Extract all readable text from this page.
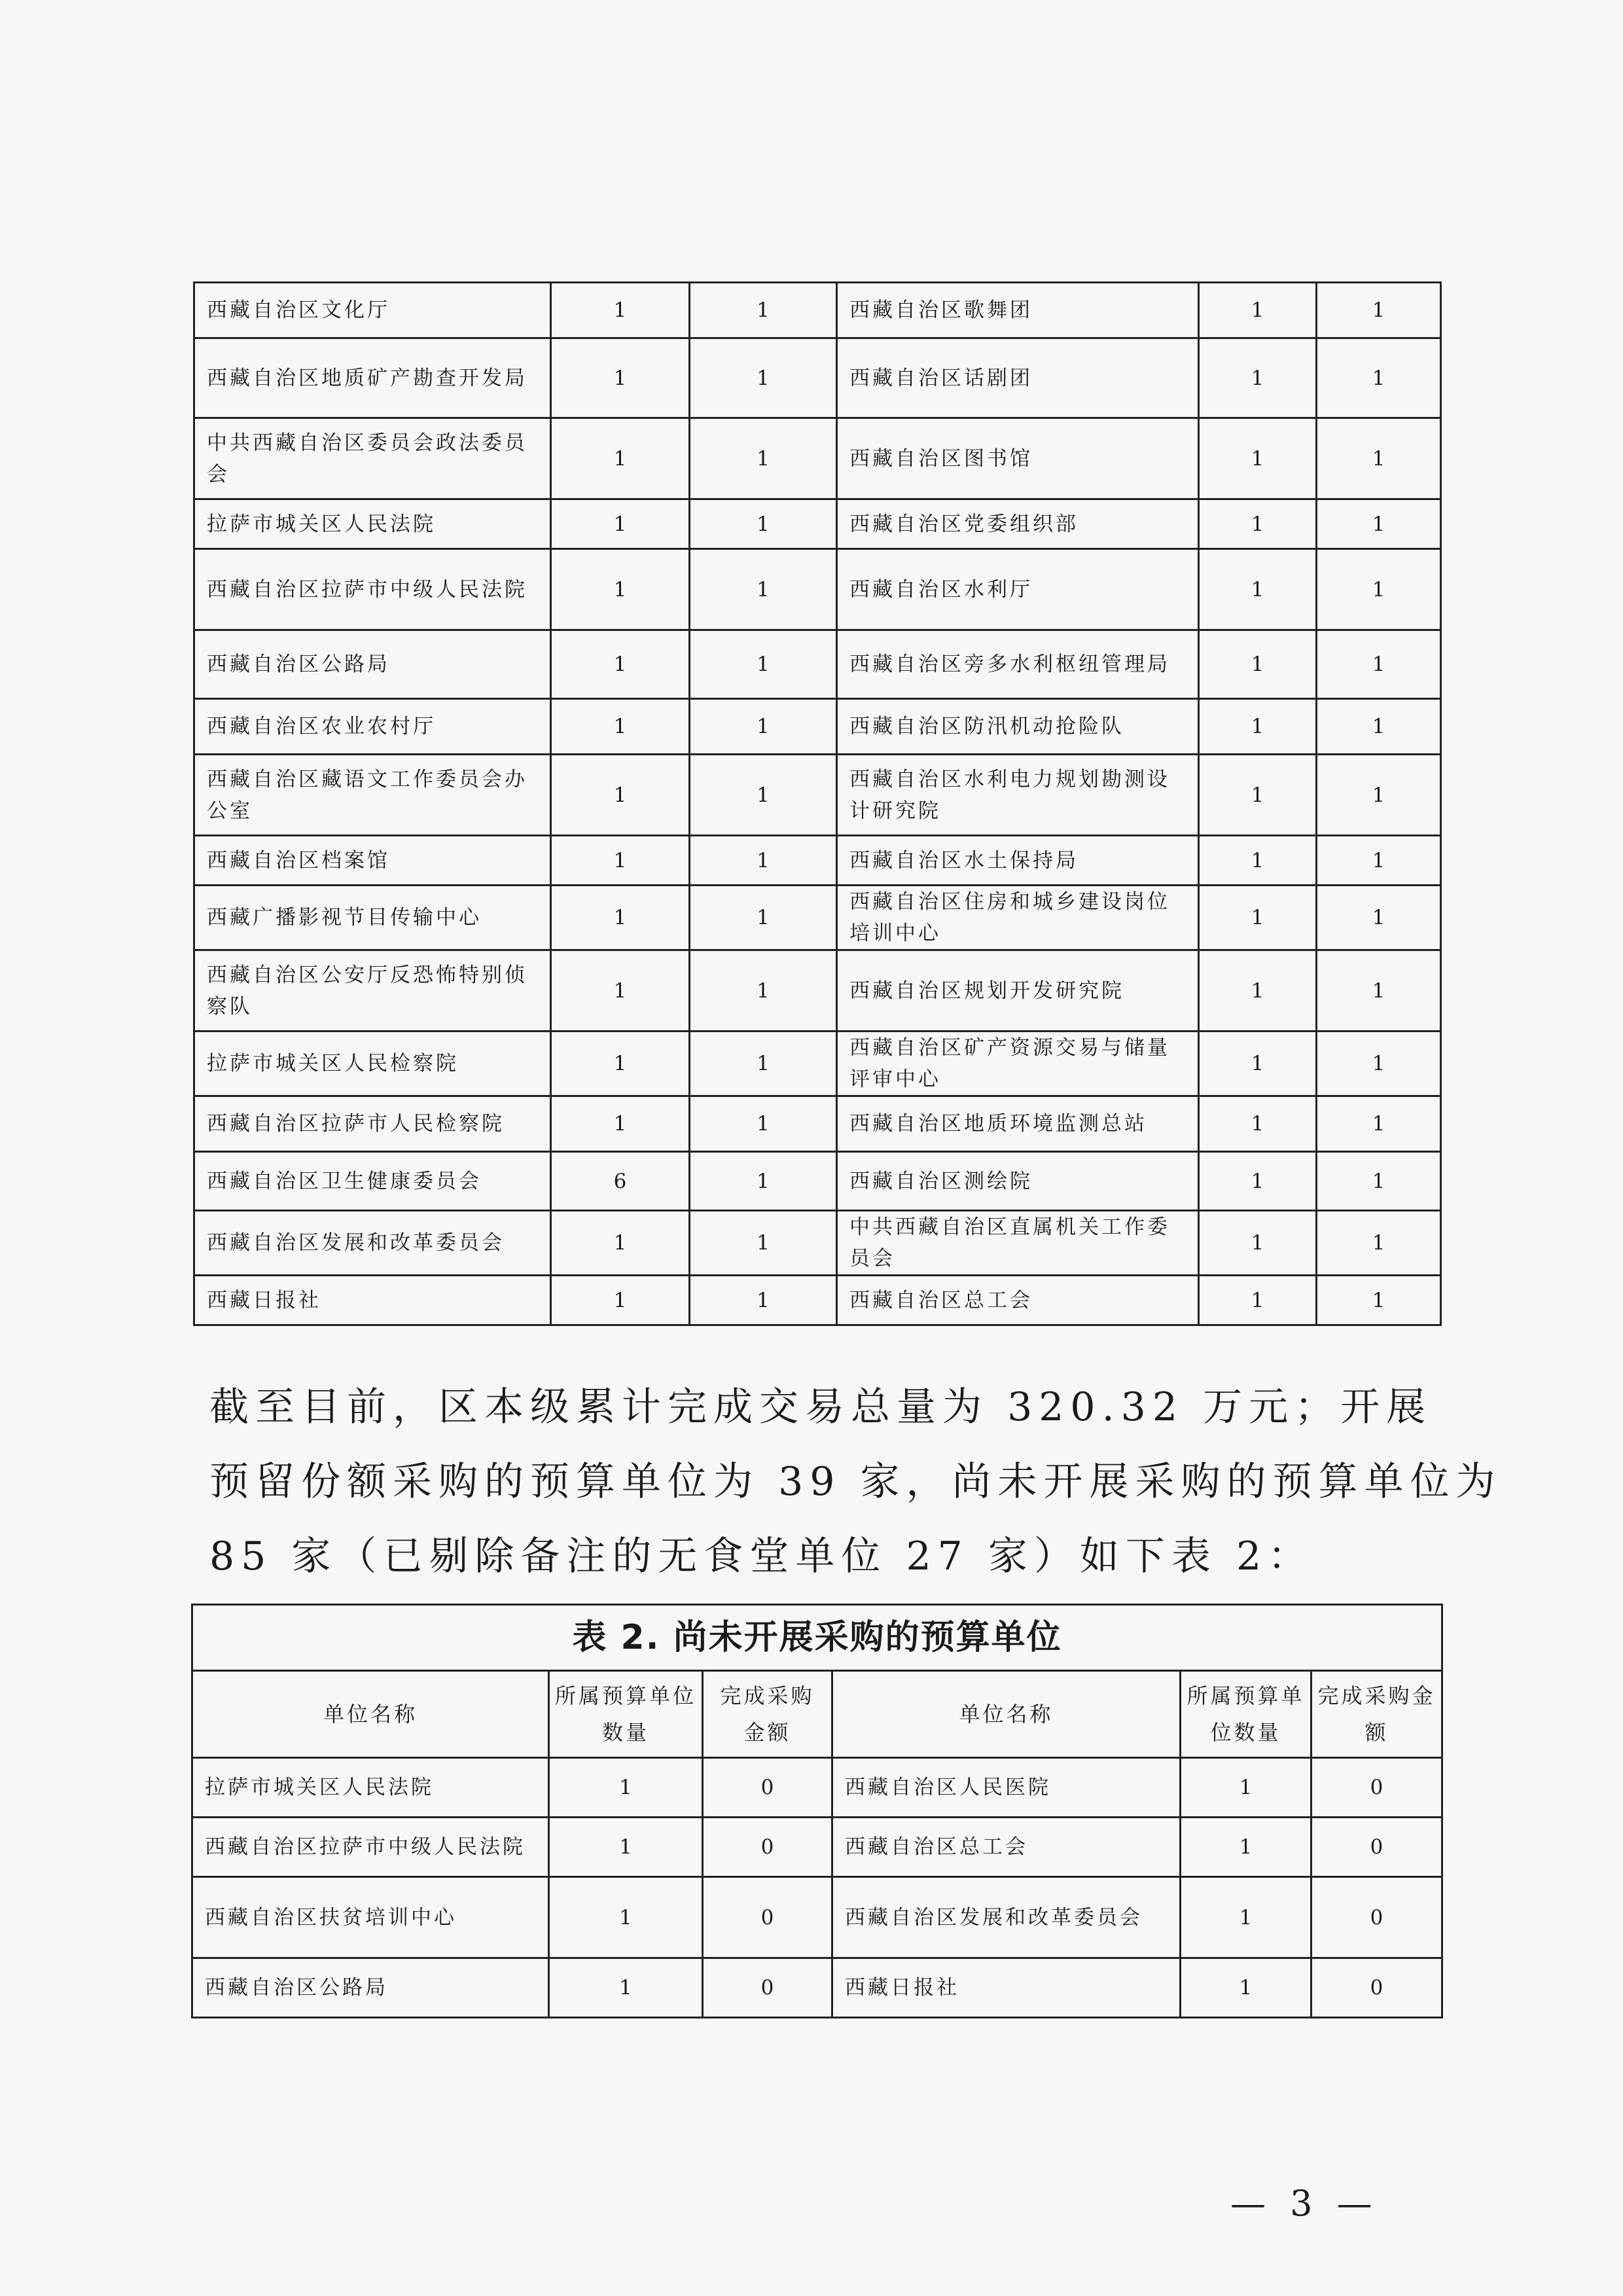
西藏自治区文化厅	1	1	西藏自治区歌舞团	1	1
西藏自治区地质矿产勘查开发局	1	1	西藏自治区话剧团	1	1
中共西藏自治区委员会政法委员会	1	1	西藏自治区图书馆	1	1
拉萨市城关区人民法院	1	1	西藏自治区党委组织部	1	1
西藏自治区拉萨市中级人民法院	1	1	西藏自治区水利厅	1	1
西藏自治区公路局	1	1	西藏自治区旁多水利枢纽管理局	1	1
西藏自治区农业农村厅	1	1	西藏自治区防汛机动抢险队	1	1
西藏自治区藏语文工作委员会办公室	1	1	西藏自治区水利电力规划勘测设计研究院	1	1
西藏自治区档案馆	1	1	西藏自治区水土保持局	1	1
西藏广播影视节目传输中心	1	1	西藏自治区住房和城乡建设岗位培训中心	1	1
西藏自治区公安厅反恐怖特别侦察队	1	1	西藏自治区规划开发研究院	1	1
拉萨市城关区人民检察院	1	1	西藏自治区矿产资源交易与储量评审中心	1	1
西藏自治区拉萨市人民检察院	1	1	西藏自治区地质环境监测总站	1	1
西藏自治区卫生健康委员会	6	1	西藏自治区测绘院	1	1
西藏自治区发展和改革委员会	1	1	中共西藏自治区直属机关工作委员会	1	1
西藏日报社	1	1	西藏自治区总工会	1	1
截至目前，区本级累计完成交易总量为 320.32 万元；开展
预留份额采购的预算单位为 39 家，尚未开展采购的预算单位为
85 家（已剔除备注的无食堂单位 27 家）如下表 2：
表 2. 尚未开展采购的预算单位					
单位名称	所属预算单位数量	完成采购金额	单位名称	所属预算单位数量	完成采购金额
拉萨市城关区人民法院	1	0	西藏自治区人民医院	1	0
西藏自治区拉萨市中级人民法院	1	0	西藏自治区总工会	1	0
西藏自治区扶贫培训中心	1	0	西藏自治区发展和改革委员会	1	0
西藏自治区公路局	1	0	西藏日报社	1	0
— 3 —
